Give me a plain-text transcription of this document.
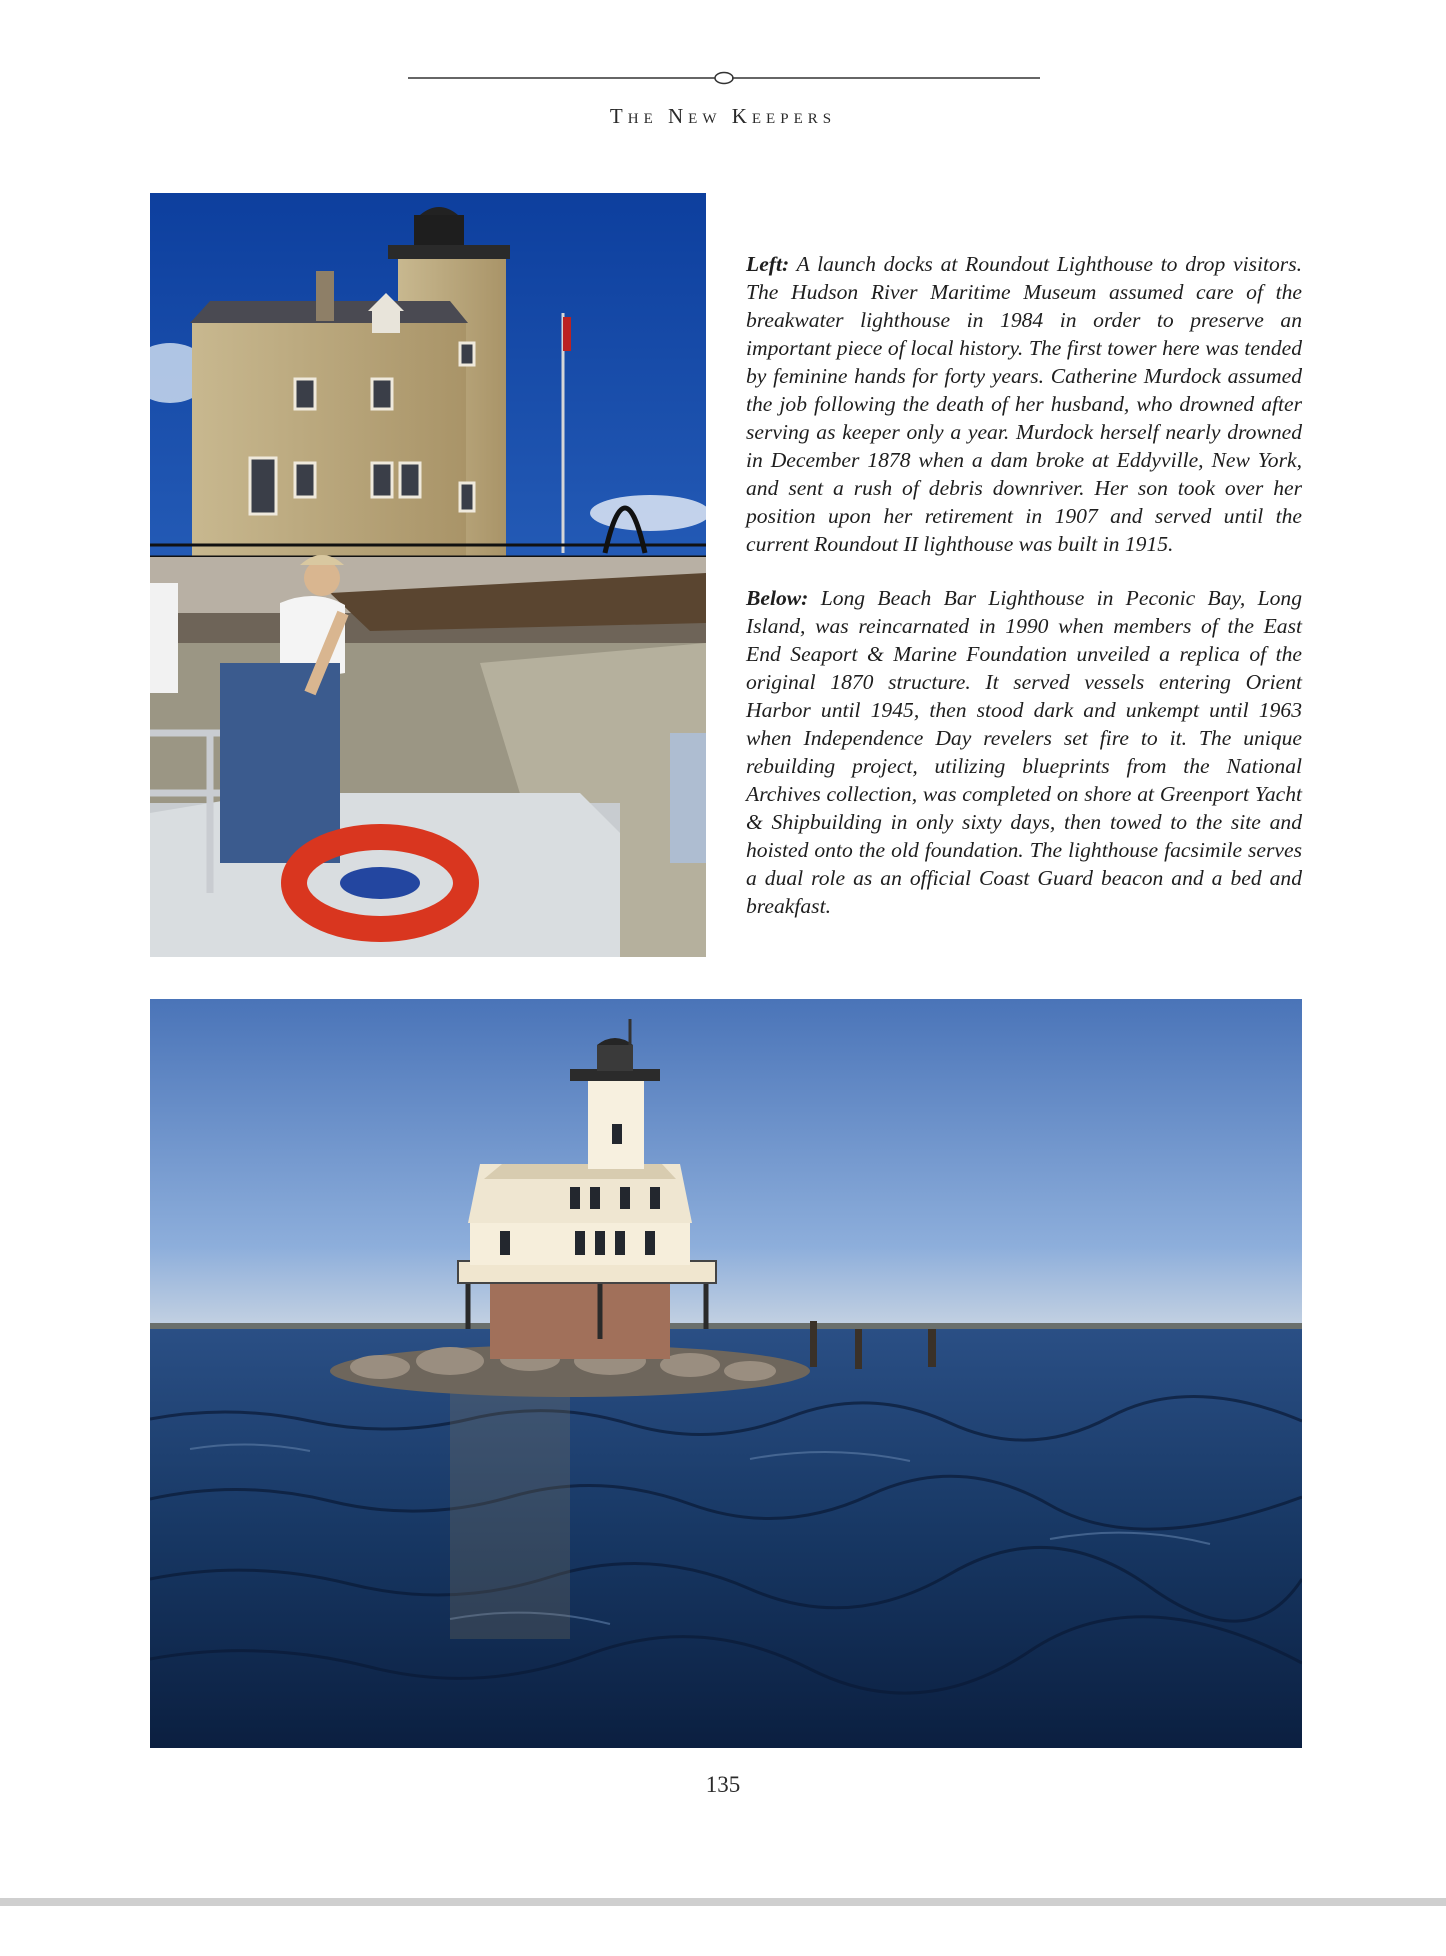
The New Keepers

Left: A launch docks at Roundout Lighthouse to drop visitors. The Hudson River Maritime Museum assumed care of the breakwater lighthouse in 1984 in order to preserve an important piece of local history. The first tower here was tended by feminine hands for forty years. Catherine Murdock assumed the job following the death of her husband, who drowned after serving as keeper only a year. Murdock herself nearly drowned in December 1878 when a dam broke at Eddyville, New York, and sent a rush of debris downriver. Her son took over her position upon her retirement in 1907 and served until the current Roundout II lighthouse was built in 1915.

Below: Long Beach Bar Lighthouse in Peconic Bay, Long Island, was reincarnated in 1990 when members of the East End Seaport & Marine Foundation unveiled a replica of the original 1870 structure. It served vessels entering Orient Harbor until 1945, then stood dark and unkempt until 1963 when Independence Day revelers set fire to it. The unique rebuilding project, utilizing blueprints from the National Archives collection, was completed on shore at Greenport Yacht & Shipbuilding in only sixty days, then towed to the site and hoisted onto the old foundation. The lighthouse facsimile serves a dual role as an official Coast Guard beacon and a bed and breakfast.

135
